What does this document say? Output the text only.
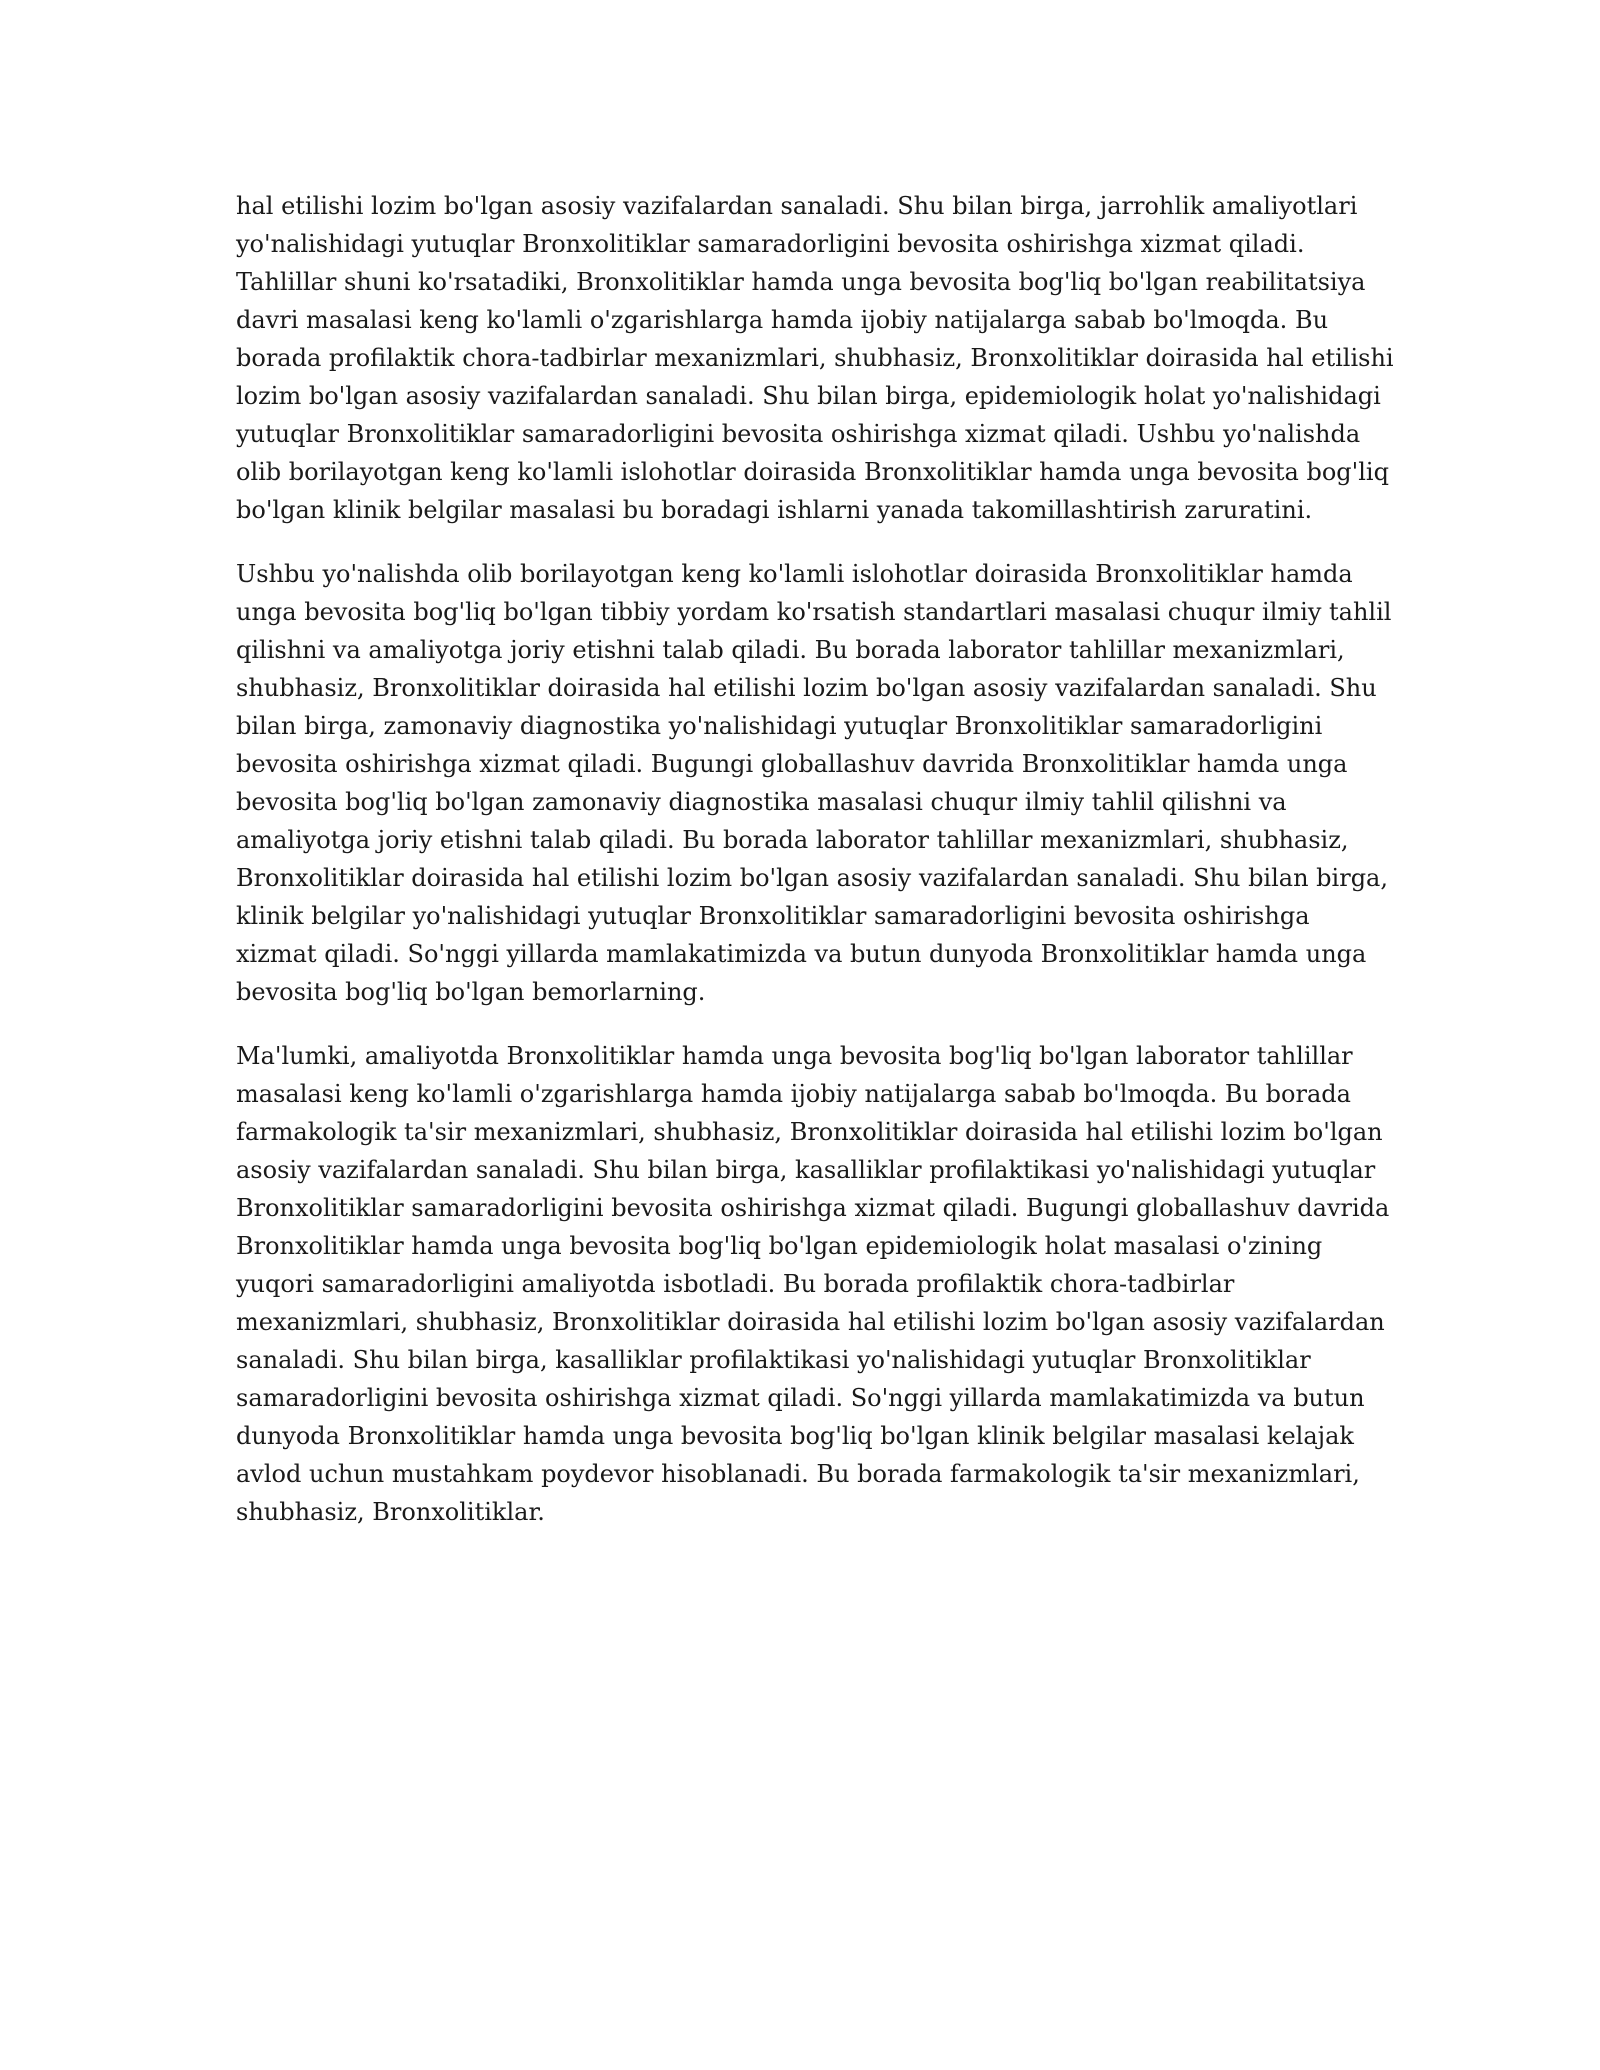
hal etilishi lozim bo'lgan asosiy vazifalardan sanaladi. Shu bilan birga, jarrohlik amaliyotlari
yo'nalishidagi yutuqlar Bronxolitiklar samaradorligini bevosita oshirishga xizmat qiladi.
Tahlillar shuni ko'rsatadiki, Bronxolitiklar hamda unga bevosita bog'liq bo'lgan reabilitatsiya
davri masalasi keng ko'lamli o'zgarishlarga hamda ijobiy natijalarga sabab bo'lmoqda. Bu
borada profilaktik chora-tadbirlar mexanizmlari, shubhasiz, Bronxolitiklar doirasida hal etilishi
lozim bo'lgan asosiy vazifalardan sanaladi. Shu bilan birga, epidemiologik holat yo'nalishidagi
yutuqlar Bronxolitiklar samaradorligini bevosita oshirishga xizmat qiladi. Ushbu yo'nalishda
olib borilayotgan keng ko'lamli islohotlar doirasida Bronxolitiklar hamda unga bevosita bog'liq
bo'lgan klinik belgilar masalasi bu boradagi ishlarni yanada takomillashtirish zaruratini.

Ushbu yo'nalishda olib borilayotgan keng ko'lamli islohotlar doirasida Bronxolitiklar hamda
unga bevosita bog'liq bo'lgan tibbiy yordam ko'rsatish standartlari masalasi chuqur ilmiy tahlil
qilishni va amaliyotga joriy etishni talab qiladi. Bu borada laborator tahlillar mexanizmlari,
shubhasiz, Bronxolitiklar doirasida hal etilishi lozim bo'lgan asosiy vazifalardan sanaladi. Shu
bilan birga, zamonaviy diagnostika yo'nalishidagi yutuqlar Bronxolitiklar samaradorligini
bevosita oshirishga xizmat qiladi. Bugungi globallashuv davrida Bronxolitiklar hamda unga
bevosita bog'liq bo'lgan zamonaviy diagnostika masalasi chuqur ilmiy tahlil qilishni va
amaliyotga joriy etishni talab qiladi. Bu borada laborator tahlillar mexanizmlari, shubhasiz,
Bronxolitiklar doirasida hal etilishi lozim bo'lgan asosiy vazifalardan sanaladi. Shu bilan birga,
klinik belgilar yo'nalishidagi yutuqlar Bronxolitiklar samaradorligini bevosita oshirishga
xizmat qiladi. So'nggi yillarda mamlakatimizda va butun dunyoda Bronxolitiklar hamda unga
bevosita bog'liq bo'lgan bemorlarning.

Ma'lumki, amaliyotda Bronxolitiklar hamda unga bevosita bog'liq bo'lgan laborator tahlillar
masalasi keng ko'lamli o'zgarishlarga hamda ijobiy natijalarga sabab bo'lmoqda. Bu borada
farmakologik ta'sir mexanizmlari, shubhasiz, Bronxolitiklar doirasida hal etilishi lozim bo'lgan
asosiy vazifalardan sanaladi. Shu bilan birga, kasalliklar profilaktikasi yo'nalishidagi yutuqlar
Bronxolitiklar samaradorligini bevosita oshirishga xizmat qiladi. Bugungi globallashuv davrida
Bronxolitiklar hamda unga bevosita bog'liq bo'lgan epidemiologik holat masalasi o'zining
yuqori samaradorligini amaliyotda isbotladi. Bu borada profilaktik chora-tadbirlar
mexanizmlari, shubhasiz, Bronxolitiklar doirasida hal etilishi lozim bo'lgan asosiy vazifalardan
sanaladi. Shu bilan birga, kasalliklar profilaktikasi yo'nalishidagi yutuqlar Bronxolitiklar
samaradorligini bevosita oshirishga xizmat qiladi. So'nggi yillarda mamlakatimizda va butun
dunyoda Bronxolitiklar hamda unga bevosita bog'liq bo'lgan klinik belgilar masalasi kelajak
avlod uchun mustahkam poydevor hisoblanadi. Bu borada farmakologik ta'sir mexanizmlari,
shubhasiz, Bronxolitiklar.
